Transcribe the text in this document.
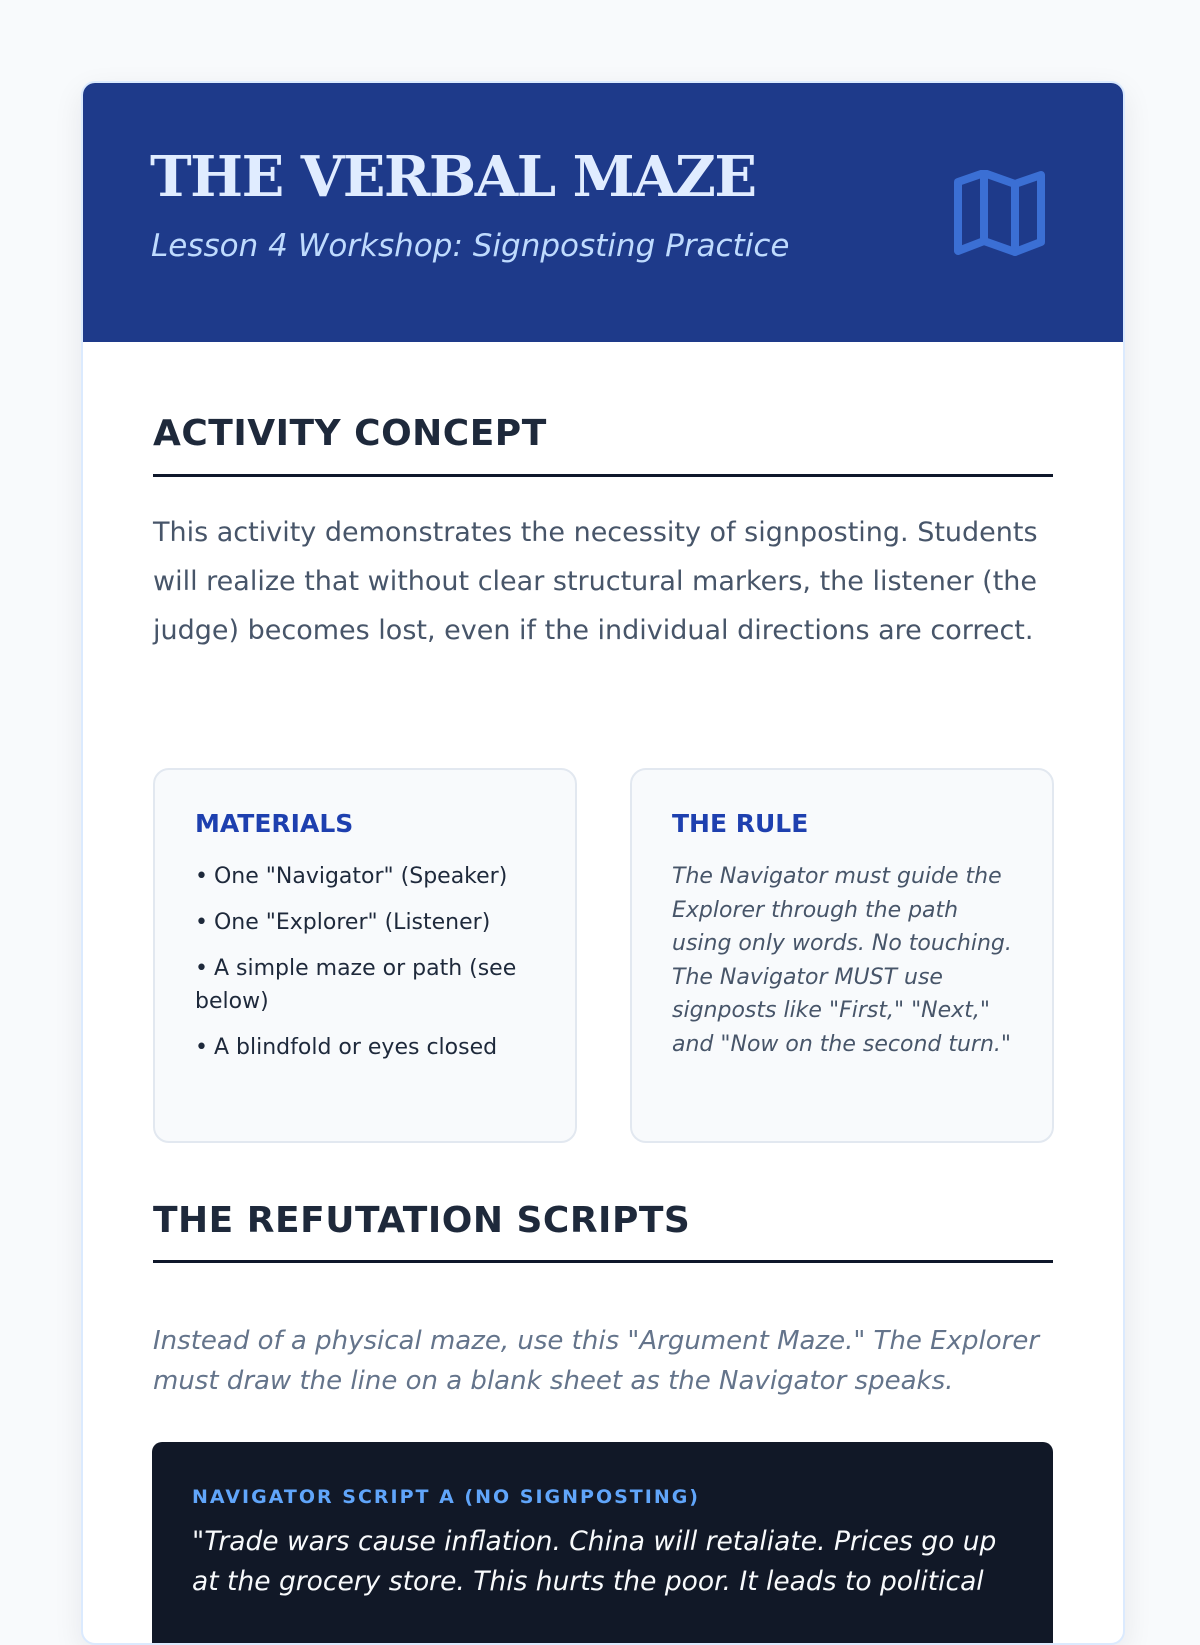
THE VERBAL MAZE

Lesson 4 Workshop: Signposting Practice

ACTIVITY CONCEPT

This activity demonstrates the necessity of signposting. Students will realize that without clear structural markers, the listener (the judge) becomes lost, even if the individual directions are correct.

MATERIALS
• One "Navigator" (Speaker)
• One "Explorer" (Listener)
• A simple maze or path (see below)
• A blindfold or eyes closed
THE RULE

The Navigator must guide the Explorer through the path using only words. No touching. The Navigator MUST use signposts like "First," "Next," and "Now on the second turn."

THE REFUTATION SCRIPTS

Instead of a physical maze, use this "Argument Maze." The Explorer must draw the line on a blank sheet as the Navigator speaks.

NAVIGATOR SCRIPT A (NO SIGNPOSTING)

"Trade wars cause inflation. China will retaliate. Prices go up at the grocery store. This hurts the poor. It leads to political
